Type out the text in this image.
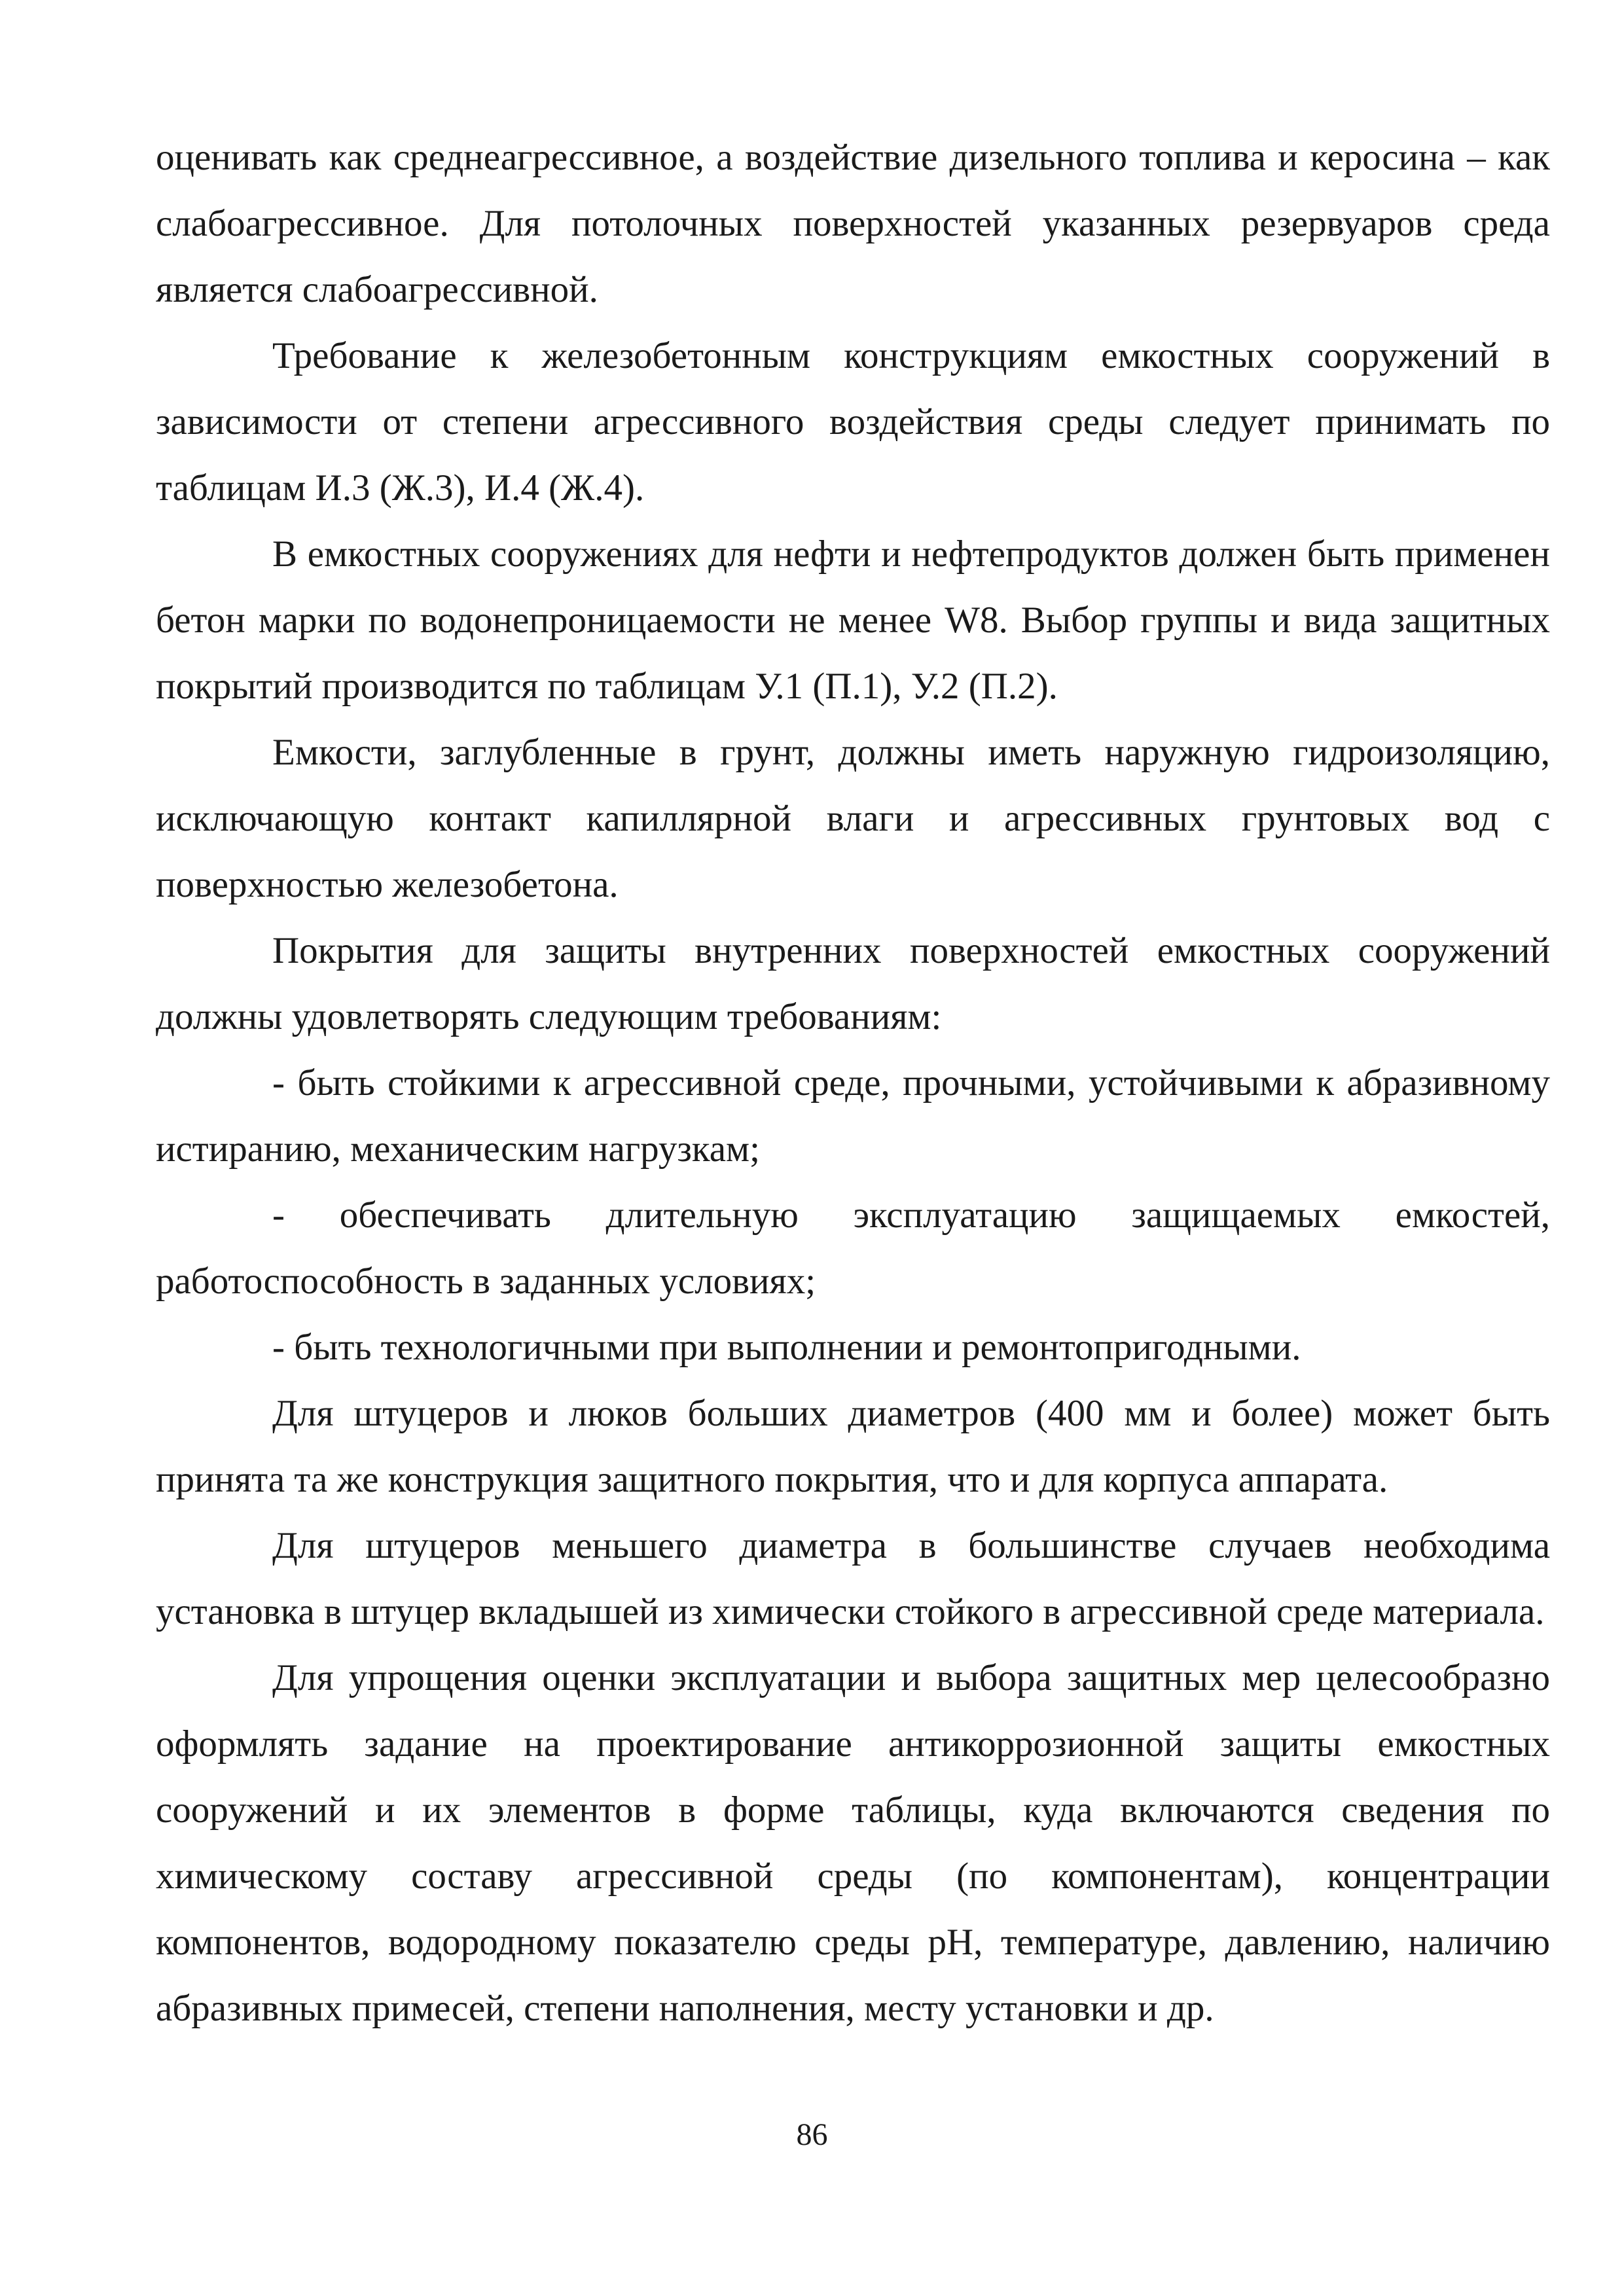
оценивать как среднеагрессивное, а воздействие дизельного топлива и керосина – как слабоагрессивное. Для потолочных поверхностей указанных резервуаров среда является слабоагрессивной.

Требование к железобетонным конструкциям емкостных сооружений в зависимости от степени агрессивного воздействия среды следует принимать по таблицам И.3 (Ж.3), И.4 (Ж.4).

В емкостных сооружениях для нефти и нефтепродуктов должен быть применен бетон марки по водонепроницаемости не менее W8. Выбор группы и вида защитных покрытий производится по таблицам У.1 (П.1), У.2 (П.2).

Емкости, заглубленные в грунт, должны иметь наружную гидроизоляцию, исключающую контакт капиллярной влаги и агрессивных грунтовых вод с поверхностью железобетона.

Покрытия для защиты внутренних поверхностей емкостных сооружений должны удовлетворять следующим требованиям:

- быть стойкими к агрессивной среде, прочными, устойчивыми к абразивному истиранию, механическим нагрузкам;

- обеспечивать длительную эксплуатацию защищаемых емкостей, работоспособность в заданных условиях;

- быть технологичными при выполнении и ремонтопригодными.

Для штуцеров и люков больших диаметров (400 мм и более) может быть принята та же конструкция защитного покрытия, что и для корпуса аппарата.

Для штуцеров меньшего диаметра в большинстве случаев необходима установка в штуцер вкладышей из химически стойкого в агрессивной среде материала.

Для упрощения оценки эксплуатации и выбора защитных мер целесообразно оформлять задание на проектирование антикоррозионной защиты емкостных сооружений и их элементов в форме таблицы, куда включаются сведения по химическому составу агрессивной среды (по компонентам), концентрации компонентов, водородному показателю среды pH, температуре, давлению, наличию абразивных примесей, степени наполнения, месту установки и др.

86
